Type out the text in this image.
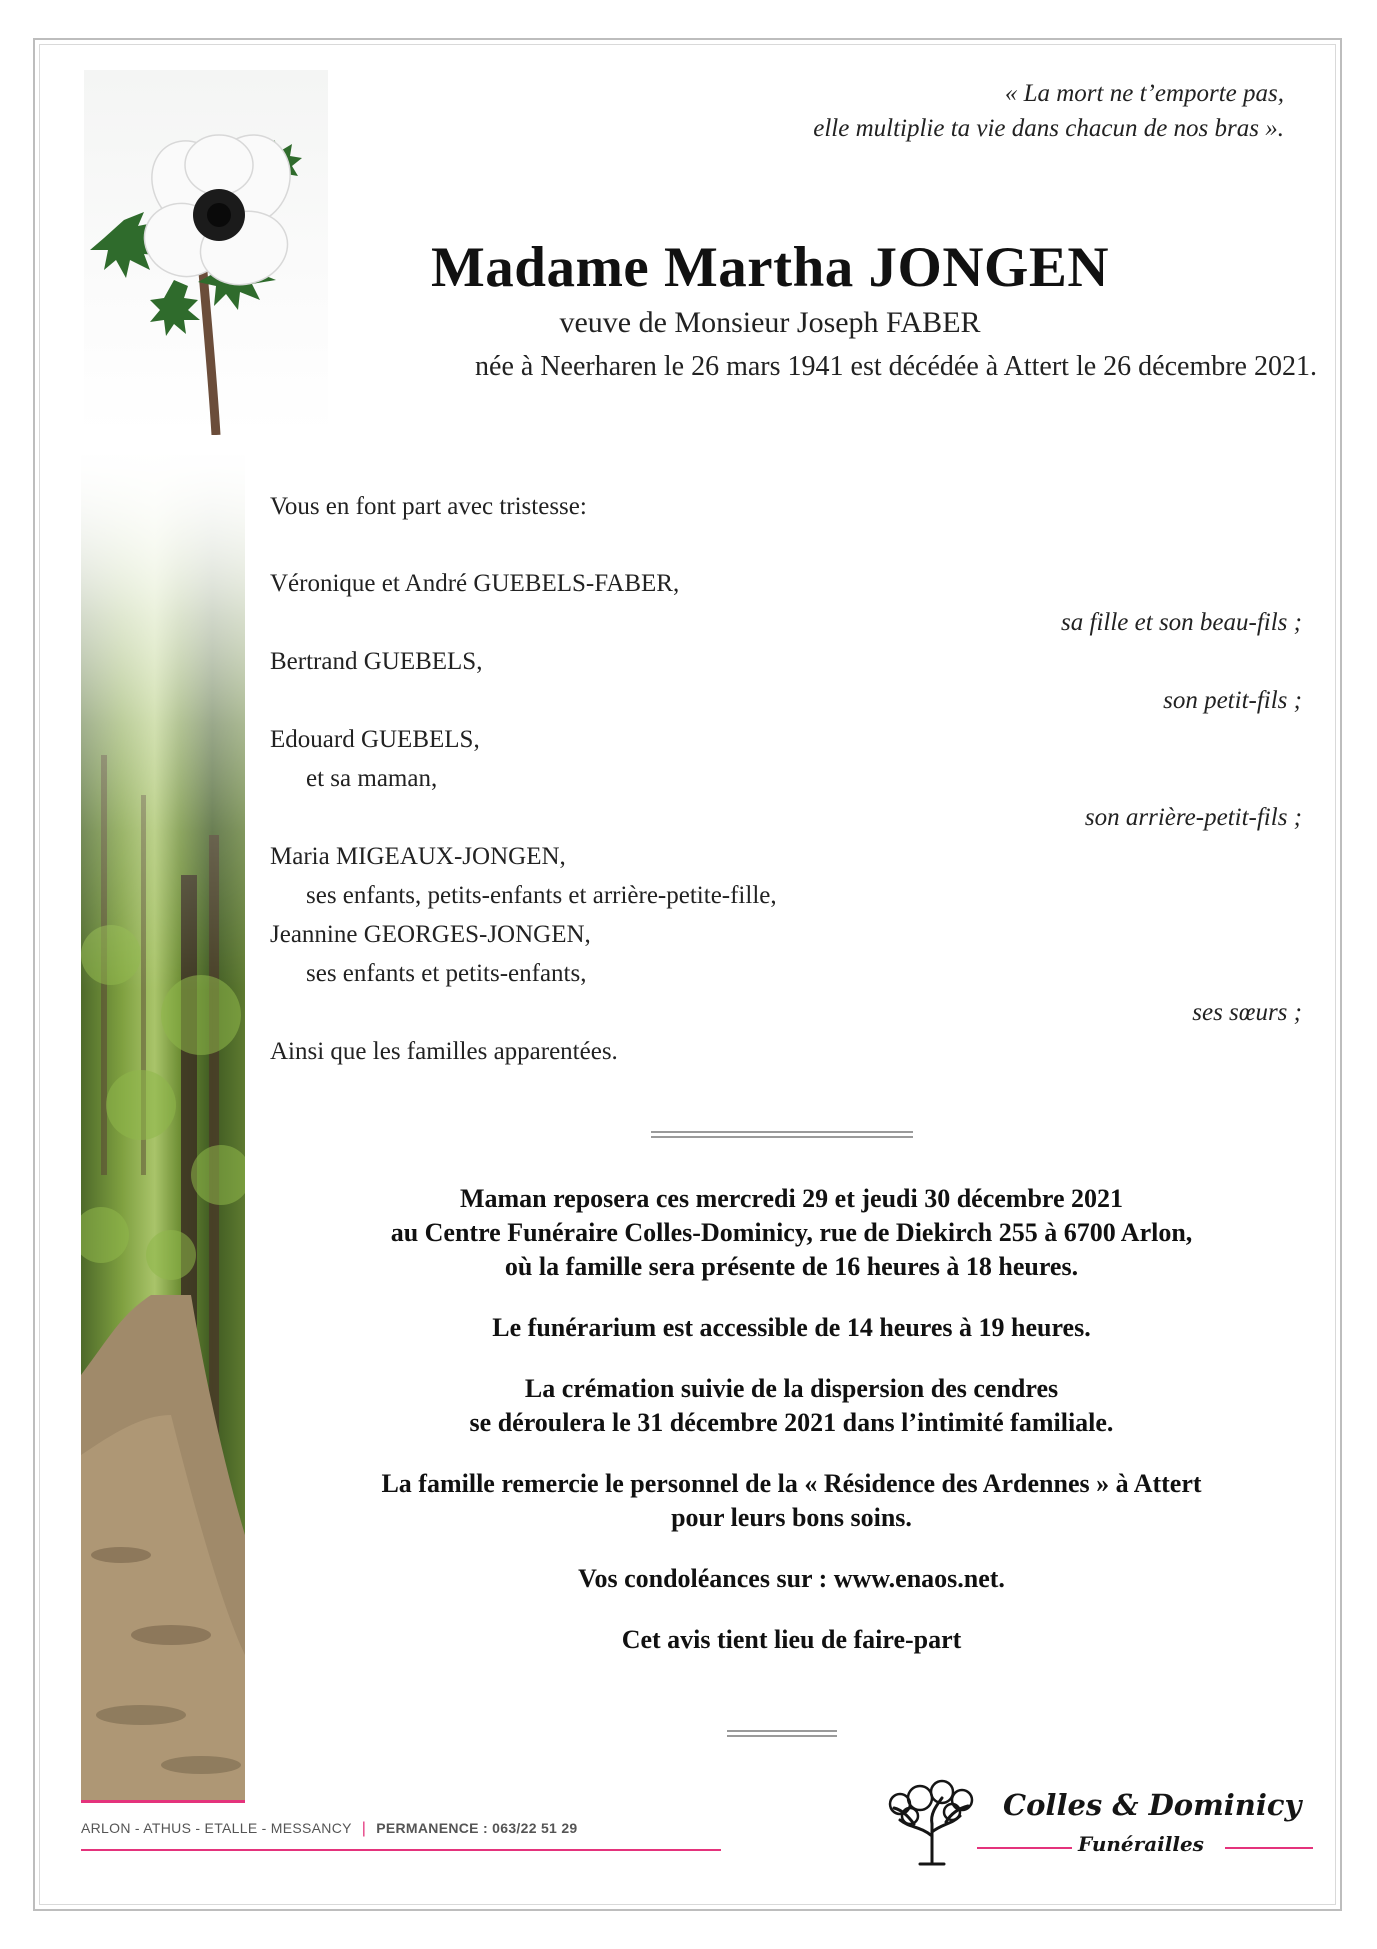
« La mort ne t’emporte pas,
elle multiplie ta vie dans chacun de nos bras ».
Madame Martha JONGEN
veuve de Monsieur Joseph FABER
née à Neerharen le 26 mars 1941 est décédée à Attert le 26 décembre 2021.
Vous en font part avec tristesse:
Véronique et André GUEBELS-FABER,
sa fille et son beau-fils ;
Bertrand GUEBELS,
son petit-fils ;
Edouard GUEBELS,
et sa maman,
son arrière-petit-fils ;
Maria MIGEAUX-JONGEN,
ses enfants, petits-enfants et arrière-petite-fille,
Jeannine GEORGES-JONGEN,
ses enfants et petits-enfants,
ses sœurs ;
Ainsi que les familles apparentées.

Maman reposera ces mercredi 29 et jeudi 30 décembre 2021
au Centre Funéraire Colles-Dominicy, rue de Diekirch 255 à 6700 Arlon,
où la famille sera présente de 16 heures à 18 heures.

Le funérarium est accessible de 14 heures à 19 heures.

La crémation suivie de la dispersion des cendres
se déroulera le 31 décembre 2021 dans l’intimité familiale.

La famille remercie le personnel de la « Résidence des Ardennes » à Attert
pour leurs bons soins.

Vos condoléances sur : www.enaos.net.

Cet avis tient lieu de faire-part

ARLON - ATHUS - ETALLE - MESSANCY | PERMANENCE : 063/22 51 29
Colles & Dominicy
Funérailles
